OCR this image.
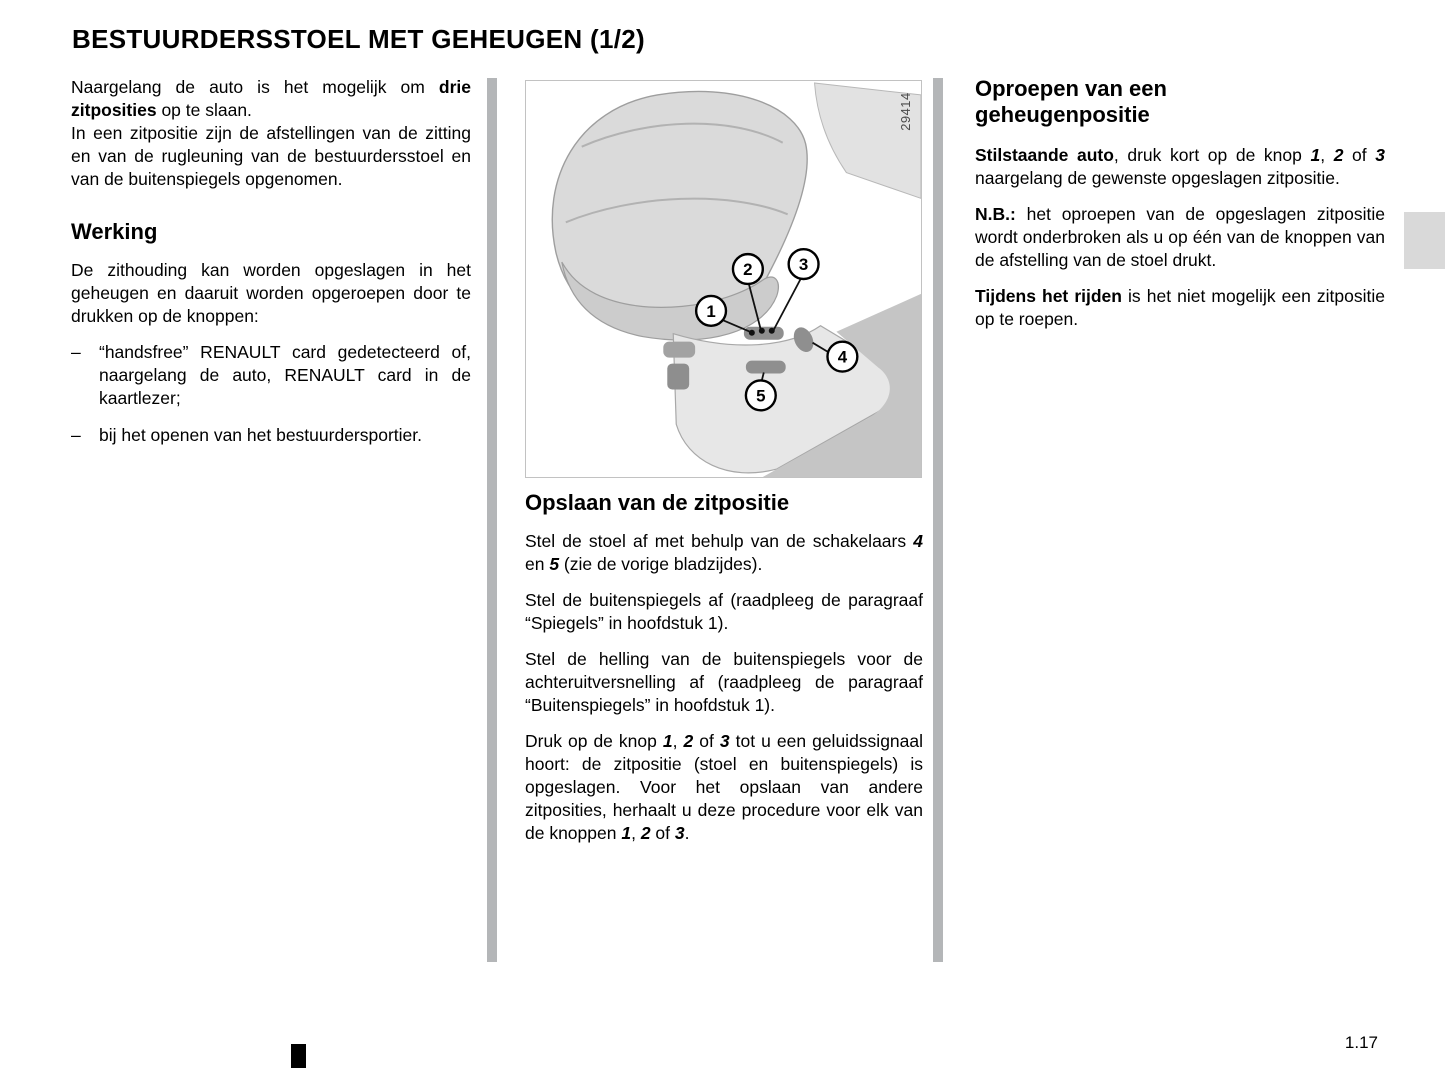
BESTUURDERSSTOEL MET GEHEUGEN (1/2)

Naargelang de auto is het mogelijk om drie zitposities op te slaan.

In een zitpositie zijn de afstellingen van de zitting en van de rugleuning van de bestuurdersstoel en van de buitenspiegels opgenomen.

Werking

De zithouding kan worden opgeslagen in het geheugen en daaruit worden opgeroepen door te drukken op de knoppen:

–	“handsfree” RENAULT card gedetecteerd of, naargelang de auto, RENAULT card in de kaartlezer;
–	bij het openen van het bestuurdersportier.
1
2	3
4
5
29414
Opslaan van de zitpositie

Stel de stoel af met behulp van de schakelaars 4 en 5 (zie de vorige bladzijdes).

Stel de buitenspiegels af (raadpleeg de paragraaf “Spiegels” in hoofdstuk 1).

Stel de helling van de buitenspiegels voor de achteruitversnelling af (raadpleeg de paragraaf “Buitenspiegels” in hoofdstuk 1).

Druk op de knop 1, 2 of 3 tot u een geluidssignaal hoort: de zitpositie (stoel en buitenspiegels) is opgeslagen. Voor het opslaan van andere zitposities, herhaalt u deze procedure voor elk van de knoppen 1, 2 of 3.

Oproepen van een geheugenpositie

Stilstaande auto, druk kort op de knop 1, 2 of 3 naargelang de gewenste opgeslagen zitpositie.

N.B.: het oproepen van de opgeslagen zitpositie wordt onderbroken als u op één van de knoppen van de afstelling van de stoel drukt.

Tijdens het rijden is het niet mogelijk een zitpositie op te roepen.

1.17
